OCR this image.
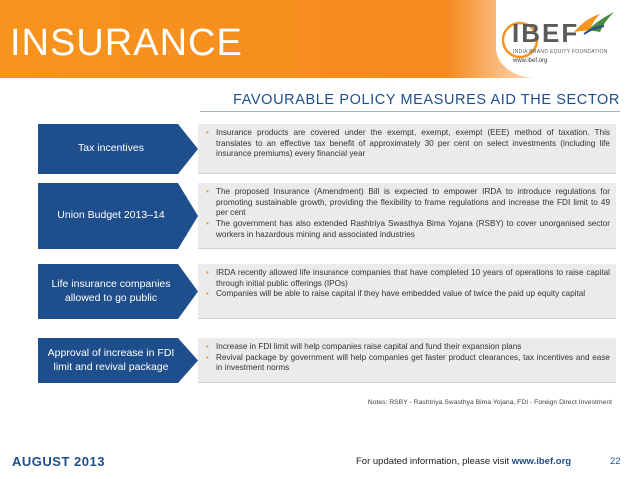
INSURANCE	IBEF
INDIA BRAND EQUITY FOUNDATION
www.ibef.org
FAVOURABLE POLICY MEASURES AID THE SECTOR
Tax incentives
• Insurance products are covered under the exempt, exempt, exempt (EEE) method of taxation. This translates to an effective tax benefit of approximately 30 per cent on select investments (including life insurance premiums) every financial year
Union Budget 2013–14
• The proposed Insurance (Amendment) Bill is expected to empower IRDA to introduce regulations for promoting sustainable growth, providing the flexibility to frame regulations and increase the FDI limit to 49 per cent
• The government has also extended Rashtriya Swasthya Bima Yojana (RSBY) to cover unorganised sector workers in hazardous mining and associated industries
Life insurance companies allowed to go public
• IRDA recently allowed life insurance companies that have completed 10 years of operations to raise capital through initial public offerings (IPOs)
• Companies will be able to raise capital if they have embedded value of twice the paid up equity capital
Approval of increase in FDI limit and revival package
• Increase in FDI limit will help companies raise capital and fund their expansion plans
• Revival package by government will help companies get faster product clearances, tax incentives and ease in investment norms
Notes: RSBY - Rashtriya Swasthya Bima Yojana, FDI - Foreign Direct Investment
AUGUST 2013	For updated information, please visit www.ibef.org	22
